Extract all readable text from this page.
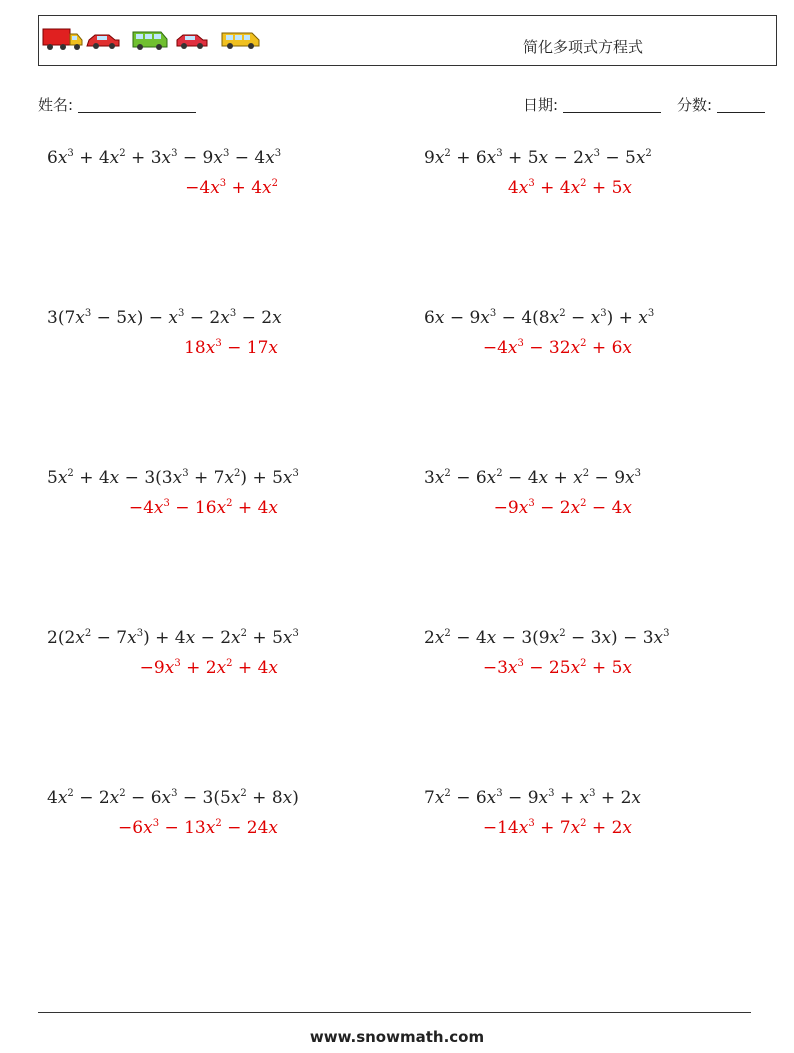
简化多项式方程式
姓名:	日期:	分数:
$6x^3 + 4x^2 + 3x^3 - 9x^3 - 4x^3$
$-4x^3 + 4x^2$
$9x^2 + 6x^3 + 5x - 2x^3 - 5x^2$
$4x^3 + 4x^2 + 5x$
$3(7x^3 - 5x) - x^3 - 2x^3 - 2x$
$18x^3 - 17x$
$6x - 9x^3 - 4(8x^2 - x^3) + x^3$
$-4x^3 - 32x^2 + 6x$
$5x^2 + 4x - 3(3x^3 + 7x^2) + 5x^3$
$-4x^3 - 16x^2 + 4x$
$3x^2 - 6x^2 - 4x + x^2 - 9x^3$
$-9x^3 - 2x^2 - 4x$
$2(2x^2 - 7x^3) + 4x - 2x^2 + 5x^3$
$-9x^3 + 2x^2 + 4x$
$2x^2 - 4x - 3(9x^2 - 3x) - 3x^3$
$-3x^3 - 25x^2 + 5x$
$4x^2 - 2x^2 - 6x^3 - 3(5x^2 + 8x)$
$-6x^3 - 13x^2 - 24x$
$7x^2 - 6x^3 - 9x^3 + x^3 + 2x$
$-14x^3 + 7x^2 + 2x$
www.snowmath.com
